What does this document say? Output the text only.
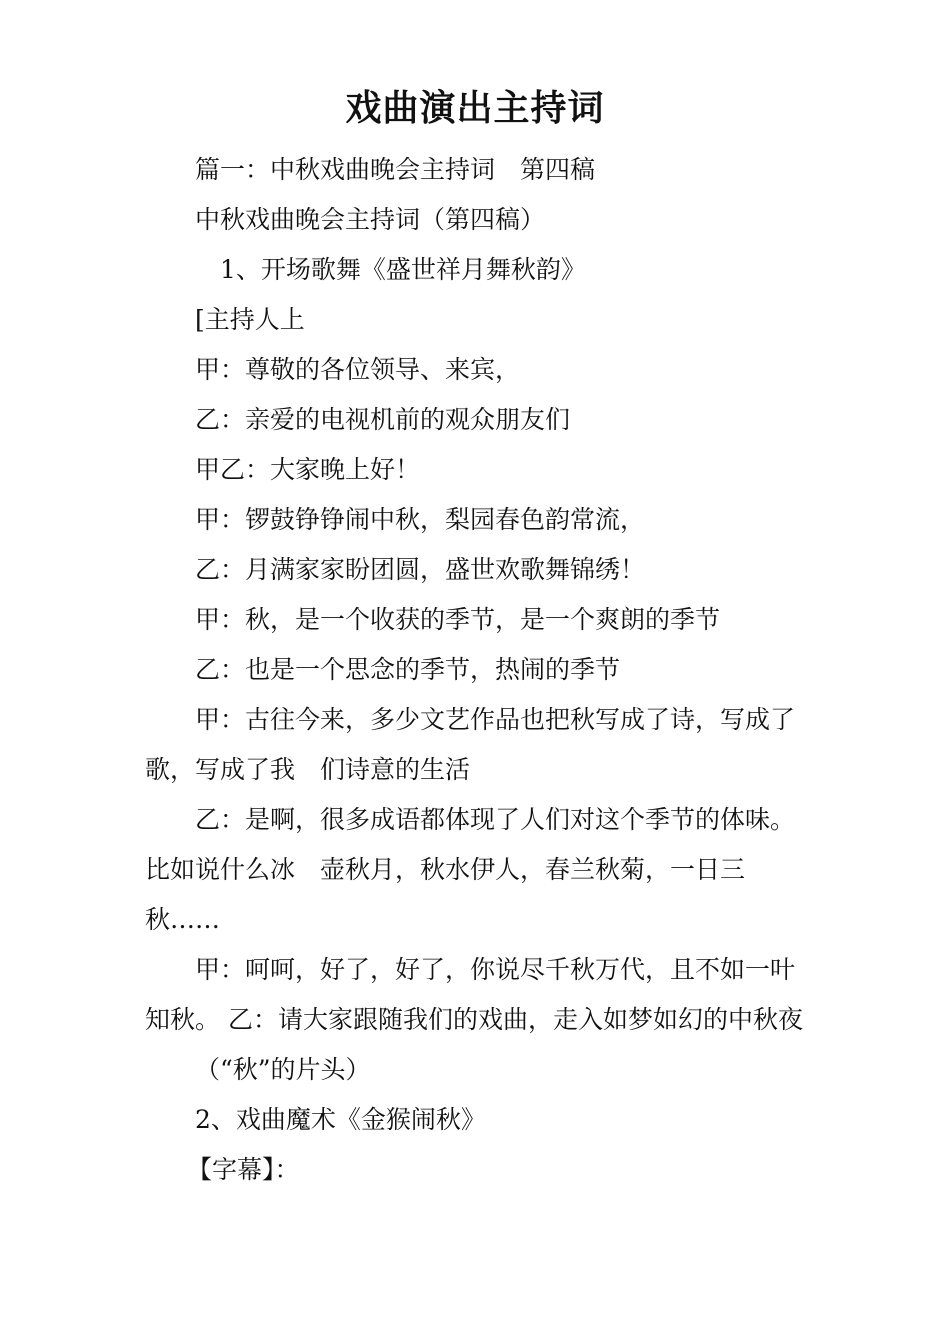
戏曲演出主持词

篇一：中秋戏曲晚会主持词　第四稿

中秋戏曲晚会主持词（第四稿）

1、开场歌舞《盛世祥月舞秋韵》

[主持人上

甲：尊敬的各位领导、来宾，

乙：亲爱的电视机前的观众朋友们

甲乙：大家晚上好！

甲：锣鼓铮铮闹中秋，梨园春色韵常流，

乙：月满家家盼团圆，盛世欢歌舞锦绣！

甲：秋，是一个收获的季节，是一个爽朗的季节

乙：也是一个思念的季节，热闹的季节

甲：古往今来，多少文艺作品也把秋写成了诗，写成了歌，写成了我　们诗意的生活

乙：是啊，很多成语都体现了人们对这个季节的体味。比如说什么冰　壶秋月，秋水伊人，春兰秋菊，一日三秋……

甲：呵呵，好了，好了，你说尽千秋万代，且不如一叶知秋。 乙：请大家跟随我们的戏曲，走入如梦如幻的中秋夜

（“秋”的片头）

2、戏曲魔术《金猴闹秋》

【字幕】：
